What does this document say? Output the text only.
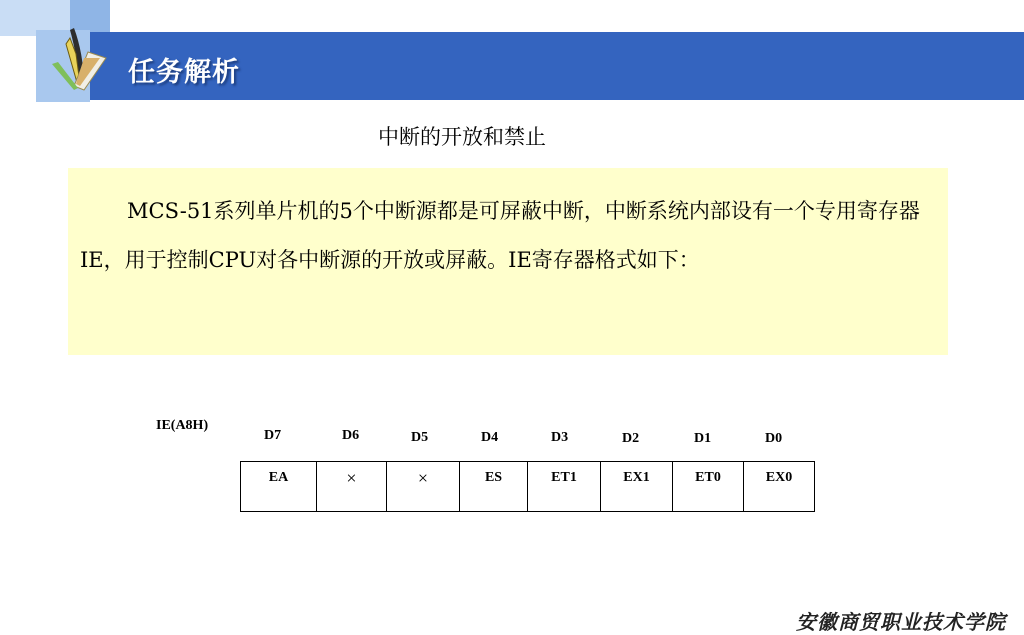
任务解析
中断的开放和禁止

MCS-51系列单片机的5个中断源都是可屏蔽中断，中断系统内部设有一个专用寄存器IE，用于控制CPU对各中断源的开放或屏蔽。IE寄存器格式如下：

IE(A8H)
D7	D6	D5	D4	D3	D2	D1	D0
EA	×	×	ES	ET1	EX1	ET0	EX0
安徽商贸职业技术学院
